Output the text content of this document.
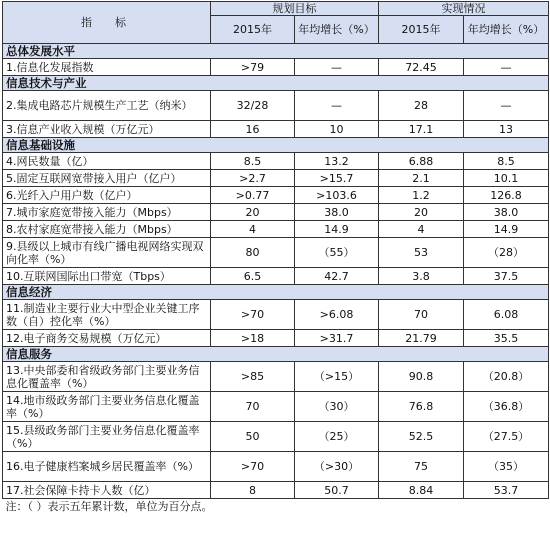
指　标	规划目标		实现情况	
	2015年	年均增长（%）	2015年	年均增长（%）
总体发展水平				
1.信息化发展指数	>79	—	72.45	—
信息技术与产业				
2.集成电路芯片规模生产工艺（纳米）	32/28	—	28	—
3.信息产业收入规模（万亿元）	16	10	17.1	13
信息基础设施				
4.网民数量（亿）	8.5	13.2	6.88	8.5
5.固定互联网宽带接入用户（亿户）	>2.7	>15.7	2.1	10.1
6.光纤入户用户数（亿户）	>0.77	>103.6	1.2	126.8
7.城市家庭宽带接入能力（Mbps）	20	38.0	20	38.0
8.农村家庭宽带接入能力（Mbps）	4	14.9	4	14.9
9.县级以上城市有线广播电视网络实现双向化率（%）	80	（55）	53	（28）
10.互联网国际出口带宽（Tbps）	6.5	42.7	3.8	37.5
信息经济				
11.制造业主要行业大中型企业关键工序数（自）控化率（%）	>70	>6.08	70	6.08
12.电子商务交易规模（万亿元）	>18	>31.7	21.79	35.5
信息服务				
13.中央部委和省级政务部门主要业务信息化覆盖率（%）	>85	（>15）	90.8	（20.8）
14.地市级政务部门主要业务信息化覆盖率（%）	70	（30）	76.8	（36.8）
15.县级政务部门主要业务信息化覆盖率（%）	50	（25）	52.5	（27.5）
16.电子健康档案城乡居民覆盖率（%）	>70	（>30）	75	（35）
17.社会保障卡持卡人数（亿）	8	50.7	8.84	53.7
注：（ ）表示五年累计数，单位为百分点。				
